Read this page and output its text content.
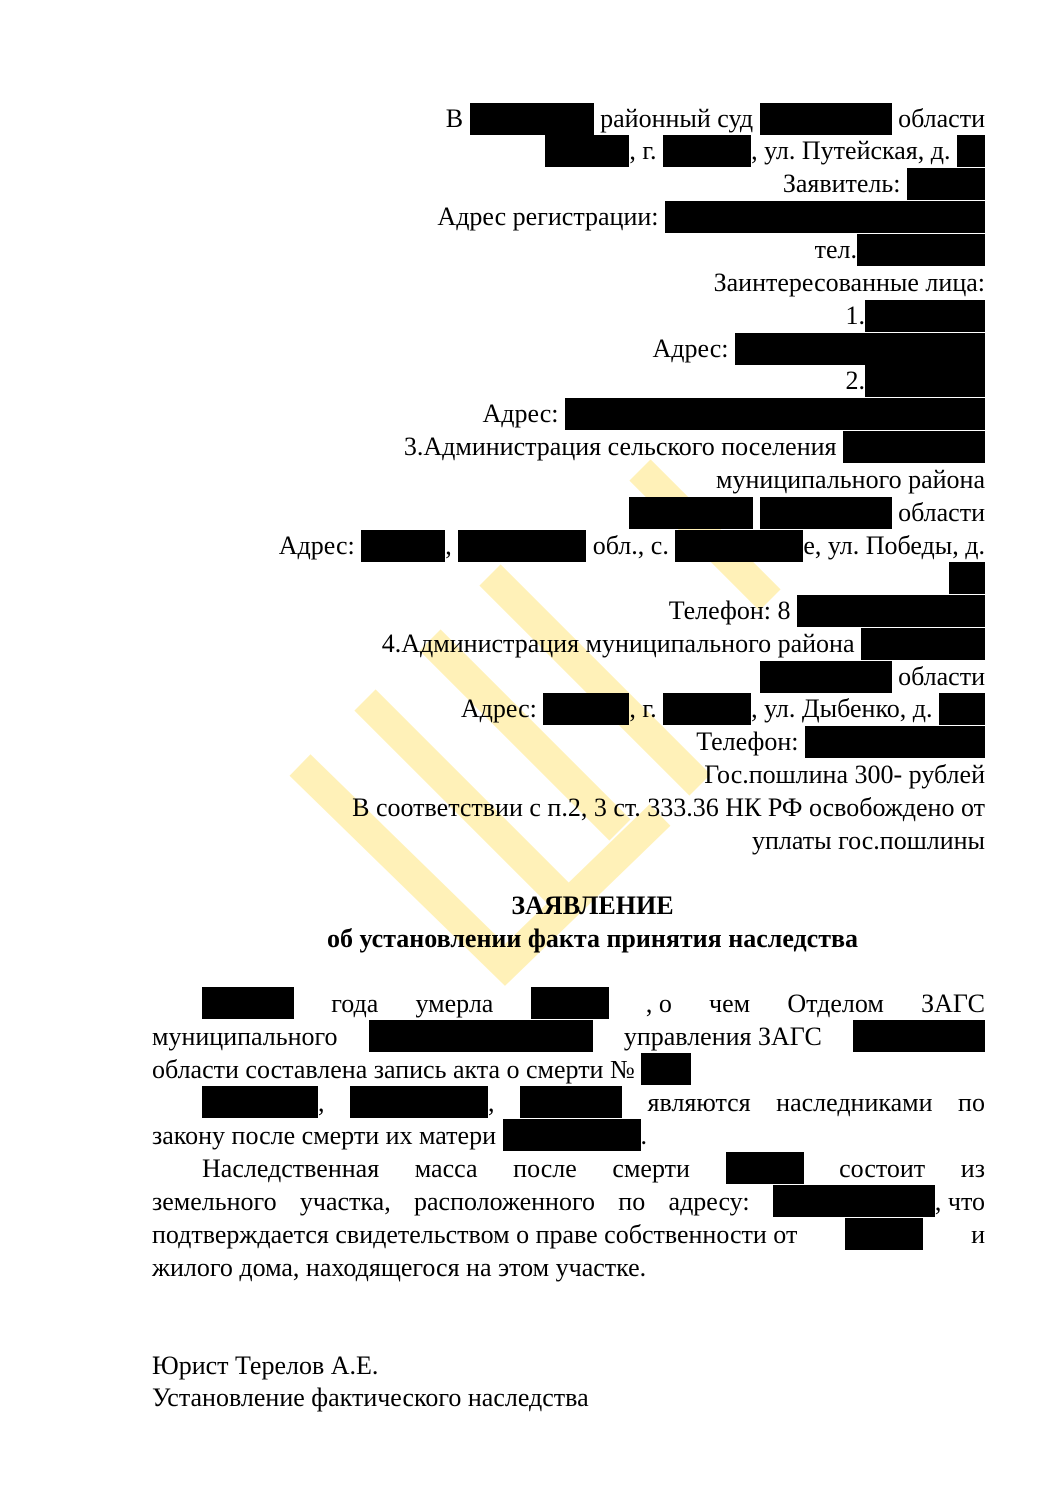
В	районный суд	области
, г.	, ул. Путейская, д.
Заявитель:
Адрес регистрации:
тел.
Заинтересованные лица:
1.
Адрес:
2.
Адрес:
3.Администрация сельского поселения
муниципального района
области
Адрес:	,	обл., с.	е, ул. Победы, д.
Телефон: 8
4.Администрация муниципального района
области
Адрес:	, г.	, ул. Дыбенко, д.
Телефон:
Гос.пошлина 300- рублей
В соответствии с п.2, 3 ст. 333.36 НК РФ освобождено от
уплаты гос.пошлины
ЗАЯВЛЕНИЕ
об установлении факта принятия наследства
года умерла	, о чем Отделом ЗАГС
муниципального	управления ЗАГС
области составлена запись акта о смерти №

,	,	являются наследниками по
закону после смерти их матери
	.
Наследственная масса после смерти	состоит из
земельного участка, расположенного по адресу:	, что
подтверждается свидетельством о праве собственности от	и
жилого дома, находящегося на этом участке.
Юрист Терелов А.Е.
Установление фактического наследства
